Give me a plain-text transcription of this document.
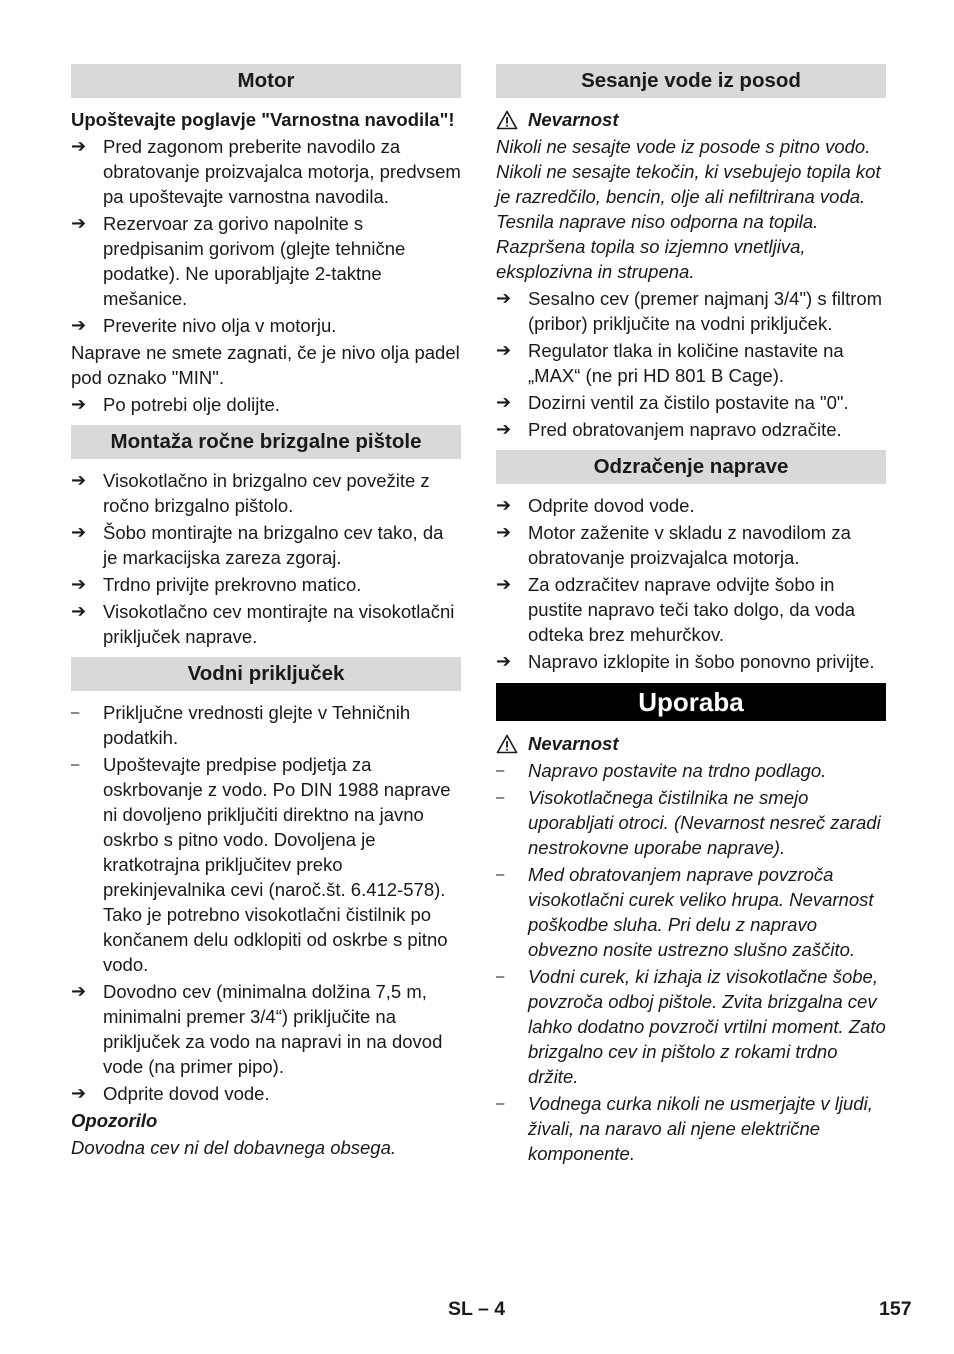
Motor
Upoštevajte poglavje "Varnostna navodila"!
➔ Pred zagonom preberite navodilo za obratovanje proizvajalca motorja, predvsem pa upoštevajte varnostna navodila.
➔ Rezervoar za gorivo napolnite s predpisanim gorivom (glejte tehnične podatke). Ne uporabljajte 2-taktne mešanice.
➔ Preverite nivo olja v motorju.
Naprave ne smete zagnati, če je nivo olja padel pod oznako "MIN".
➔ Po potrebi olje dolijte.
Montaža ročne brizgalne pištole
➔ Visokotlačno in brizgalno cev povežite z ročno brizgalno pištolo.
➔ Šobo montirajte na brizgalno cev tako, da je markacijska zareza zgoraj.
➔ Trdno privijte prekrovno matico.
➔ Visokotlačno cev montirajte na visokotlačni priključek naprave.
Vodni priključek
–	Priključne vrednosti glejte v Tehničnih podatkih.
–	Upoštevajte predpise podjetja za oskrbovanje z vodo. Po DIN 1988 naprave ni dovoljeno priključiti direktno na javno oskrbo s pitno vodo. Dovoljena je kratkotrajna priključitev preko prekinjevalnika cevi (naroč.št. 6.412-578). Tako je potrebno visokotlačni čistilnik po končanem delu odklopiti od oskrbe s pitno vodo.
➔ Dovodno cev (minimalna dolžina 7,5 m, minimalni premer 3/4“) priključite na priključek za vodo na napravi in na dovod vode (na primer pipo).
➔ Odprite dovod vode.
Opozorilo
Dovodna cev ni del dobavnega obsega.
Sesanje vode iz posod
Nevarnost
Nikoli ne sesajte vode iz posode s pitno vodo. Nikoli ne sesajte tekočin, ki vsebujejo topila kot je razredčilo, bencin, olje ali nefiltrirana voda. Tesnila naprave niso odporna na topila. Razpršena topila so izjemno vnetljiva, eksplozivna in strupena.
➔ Sesalno cev (premer najmanj 3/4") s filtrom (pribor) priključite na vodni priključek.
➔ Regulator tlaka in količine nastavite na „MAX“ (ne pri HD 801 B Cage).
➔ Dozirni ventil za čistilo postavite na "0".
➔ Pred obratovanjem napravo odzračite.
Odzračenje naprave
➔ Odprite dovod vode.
➔ Motor zaženite v skladu z navodilom za obratovanje proizvajalca motorja.
➔ Za odzračitev naprave odvijte šobo in pustite napravo teči tako dolgo, da voda odteka brez mehurčkov.
➔ Napravo izklopite in šobo ponovno privijte.
Uporaba
Nevarnost
–	Napravo postavite na trdno podlago.
–	Visokotlačnega čistilnika ne smejo uporabljati otroci. (Nevarnost nesreč zaradi nestrokovne uporabe naprave).
–	Med obratovanjem naprave povzroča visokotlačni curek veliko hrupa. Nevarnost poškodbe sluha. Pri delu z napravo obvezno nosite ustrezno slušno zaščito.
–	Vodni curek, ki izhaja iz visokotlačne šobe, povzroča odboj pištole. Zvita brizgalna cev lahko dodatno povzroči vrtilni moment. Zato brizgalno cev in pištolo z rokami trdno držite.
–	Vodnega curka nikoli ne usmerjajte v ljudi, živali, na naravo ali njene električne komponente.
SL – 4	157
